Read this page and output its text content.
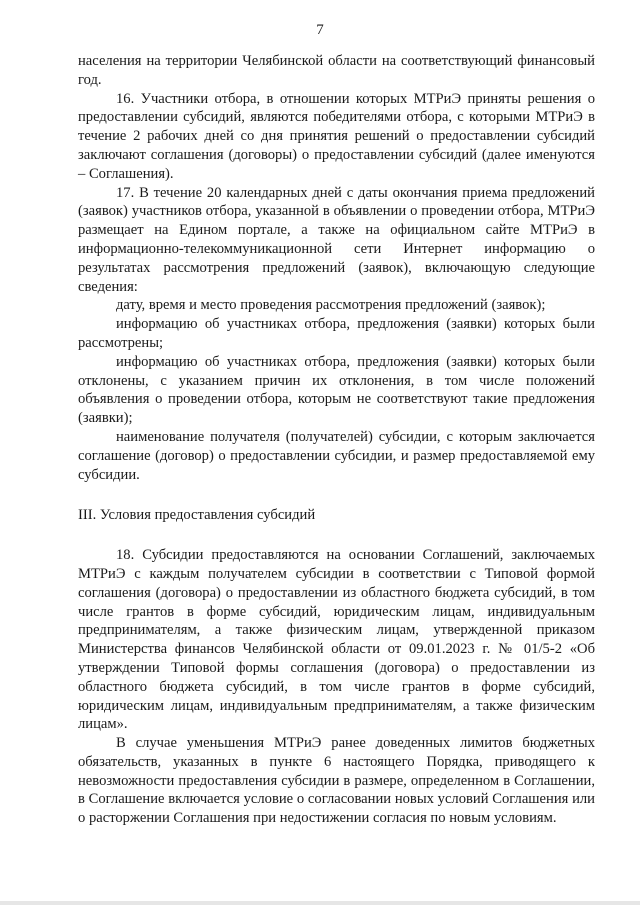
7

населения на территории Челябинской области на соответствующий финансовый год.

16. Участники отбора, в отношении которых МТРиЭ приняты решения о предоставлении субсидий, являются победителями отбора, с которыми МТРиЭ в течение 2 рабочих дней со дня принятия решений о предоставлении субсидий заключают соглашения (договоры) о предоставлении субсидий (далее именуются – Соглашения).

17. В течение 20 календарных дней с даты окончания приема предложений (заявок) участников отбора, указанной в объявлении о проведении отбора, МТРиЭ размещает на Едином портале, а также на официальном сайте МТРиЭ в информационно-телекоммуникационной сети Интернет информацию о результатах рассмотрения предложений (заявок), включающую следующие сведения:

дату, время и место проведения рассмотрения предложений (заявок);

информацию об участниках отбора, предложения (заявки) которых были рассмотрены;

информацию об участниках отбора, предложения (заявки) которых были отклонены, с указанием причин их отклонения, в том числе положений объявления о проведении отбора, которым не соответствуют такие предложения (заявки);

наименование получателя (получателей) субсидии, с которым заключается соглашение (договор) о предоставлении субсидии, и размер предоставляемой ему субсидии.

III. Условия предоставления субсидий

18. Субсидии предоставляются на основании Соглашений, заключаемых МТРиЭ с каждым получателем субсидии в соответствии с Типовой формой соглашения (договора) о предоставлении из областного бюджета субсидий, в том числе грантов в форме субсидий, юридическим лицам, индивидуальным предпринимателям, а также физическим лицам, утвержденной приказом Министерства финансов Челябинской области от 09.01.2023 г. № 01/5-2 «Об утверждении Типовой формы соглашения (договора) о предоставлении из областного бюджета субсидий, в том числе грантов в форме субсидий, юридическим лицам, индивидуальным предпринимателям, а также физическим лицам».

В случае уменьшения МТРиЭ ранее доведенных лимитов бюджетных обязательств, указанных в пункте 6 настоящего Порядка, приводящего к невозможности предоставления субсидии в размере, определенном в Соглашении, в Соглашение включается условие о согласовании новых условий Соглашения или о расторжении Соглашения при недостижении согласия по новым условиям.
